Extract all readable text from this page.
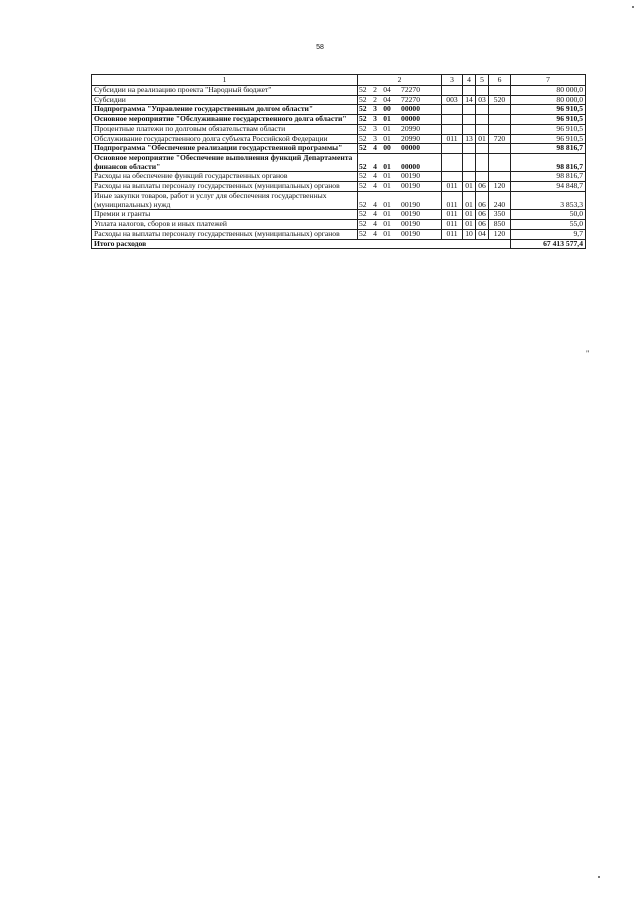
58
1	2	3	4	5	6	7
Субсидии на реализацию проекта "Народный бюджет"	52 2 04 72270					80 000,0
Субсидии	52 2 04 72270	003	14	03	520	80 000,0
Подпрограмма "Управление государственным долгом области"	52 3 00 00000					96 910,5
Основное мероприятие "Обслуживание государственного долга области"	52 3 01 00000					96 910,5
Процентные платежи по долговым обязательствам области	52 3 01 20990					96 910,5
Обслуживание государственного долга субъекта Российской Федерации	52 3 01 20990	011	13	01	720	96 910,5
Подпрограмма "Обеспечение реализации государственной программы"	52 4 00 00000					98 816,7
Основное мероприятие "Обеспечение выполнения функций Департамента финансов области"	52 4 01 00000					98 816,7
Расходы на обеспечение функций государственных органов	52 4 01 00190					98 816,7
Расходы на выплаты персоналу государственных (муниципальных) органов	52 4 01 00190	011	01	06	120	94 848,7
Иные закупки товаров, работ и услуг для обеспечения государственных (муниципальных) нужд	52 4 01 00190	011	01	06	240	3 853,3
Премии и гранты	52 4 01 00190	011	01	06	350	50,0
Уплата налогов, сборов и иных платежей	52 4 01 00190	011	01	06	850	55,0
Расходы на выплаты персоналу государственных (муниципальных) органов	52 4 01 00190	011	10	04	120	9,7
Итого расходов						67 413 577,4
"
